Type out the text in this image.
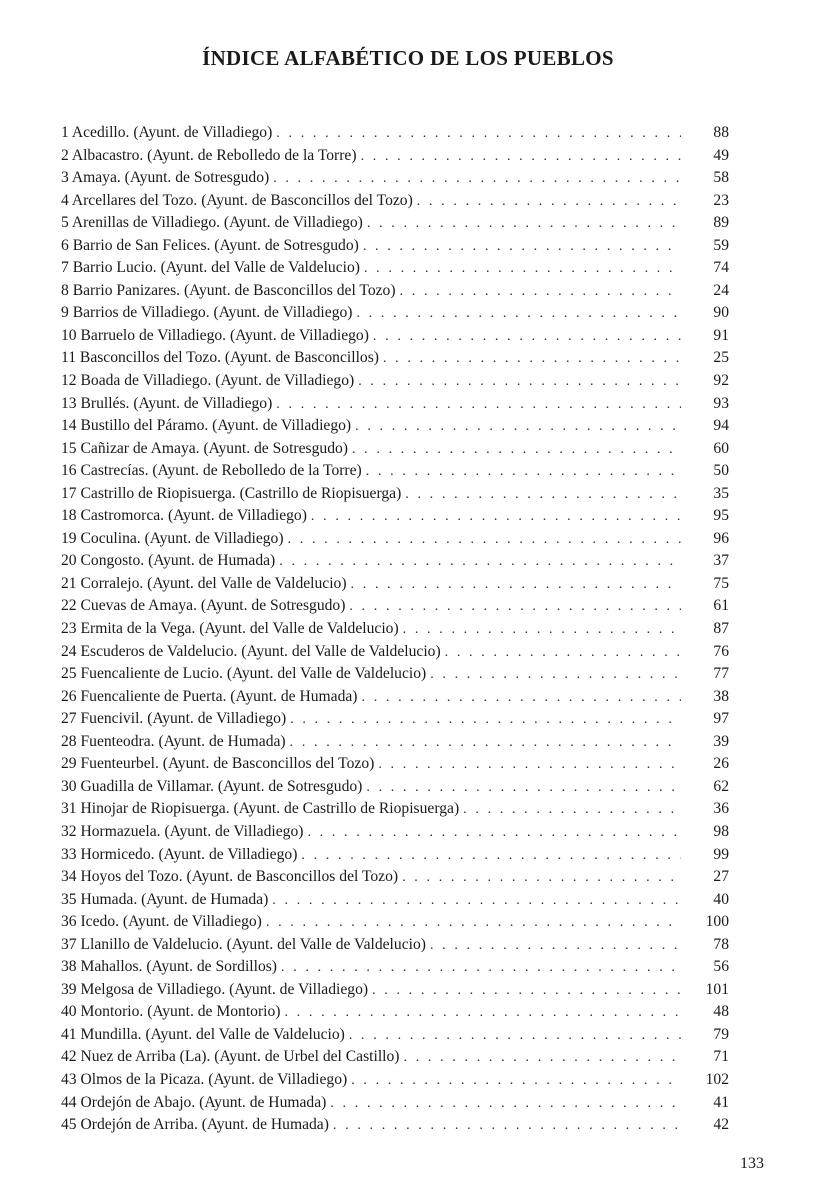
ÍNDICE ALFABÉTICO DE LOS PUEBLOS
1 Acedillo. (Ayunt. de Villadiego) . . .	88
2 Albacastro. (Ayunt. de Rebolledo de la Torre) . . .	49
3 Amaya. (Ayunt. de Sotresgudo) . . .	58
4 Arcellares del Tozo. (Ayunt. de Basconcillos del Tozo) . . .	23
5 Arenillas de Villadiego. (Ayunt. de Villadiego) . . .	89
6 Barrio de San Felices. (Ayunt. de Sotresgudo) . . .	59
7 Barrio Lucio. (Ayunt. del Valle de Valdelucio) . . .	74
8 Barrio Panizares. (Ayunt. de Basconcillos del Tozo) . . .	24
9 Barrios de Villadiego. (Ayunt. de Villadiego) . . .	90
10 Barruelo de Villadiego. (Ayunt. de Villadiego) . . .	91
11 Basconcillos del Tozo. (Ayunt. de Basconcillos) . . .	25
12 Boada de Villadiego. (Ayunt. de Villadiego) . . .	92
13 Brullés. (Ayunt. de Villadiego) . . .	93
14 Bustillo del Páramo. (Ayunt. de Villadiego) . . .	94
15 Cañizar de Amaya. (Ayunt. de Sotresgudo) . . .	60
16 Castrecías. (Ayunt. de Rebolledo de la Torre) . . .	50
17 Castrillo de Riopisuerga. (Castrillo de Riopisuerga) . . .	35
18 Castromorca. (Ayunt. de Villadiego) . . .	95
19 Coculina. (Ayunt. de Villadiego) . . .	96
20 Congosto. (Ayunt. de Humada) . . .	37
21 Corralejo. (Ayunt. del Valle de Valdelucio) . . .	75
22 Cuevas de Amaya. (Ayunt. de Sotresgudo) . . .	61
23 Ermita de la Vega. (Ayunt. del Valle de Valdelucio) . . .	87
24 Escuderos de Valdelucio. (Ayunt. del Valle de Valdelucio) . . .	76
25 Fuencaliente de Lucio. (Ayunt. del Valle de Valdelucio) . . .	77
26 Fuencaliente de Puerta. (Ayunt. de Humada) . . .	38
27 Fuencivil. (Ayunt. de Villadiego) . . .	97
28 Fuenteodra. (Ayunt. de Humada) . . .	39
29 Fuenteurbel. (Ayunt. de Basconcillos del Tozo) . . .	26
30 Guadilla de Villamar. (Ayunt. de Sotresgudo) . . .	62
31 Hinojar de Riopisuerga. (Ayunt. de Castrillo de Riopisuerga) . . .	36
32 Hormazuela. (Ayunt. de Villadiego) . . .	98
33 Hormicedo. (Ayunt. de Villadiego) . . .	99
34 Hoyos del Tozo. (Ayunt. de Basconcillos del Tozo) . . .	27
35 Humada. (Ayunt. de Humada) . . .	40
36 Icedo. (Ayunt. de Villadiego) . . .	100
37 Llanillo de Valdelucio. (Ayunt. del Valle de Valdelucio) . . .	78
38 Mahallos. (Ayunt. de Sordillos) . . .	56
39 Melgosa de Villadiego. (Ayunt. de Villadiego) . . .	101
40 Montorio. (Ayunt. de Montorio) . . .	48
41 Mundilla. (Ayunt. del Valle de Valdelucio) . . .	79
42 Nuez de Arriba (La). (Ayunt. de Urbel del Castillo) . . .	71
43 Olmos de la Picaza. (Ayunt. de Villadiego) . . .	102
44 Ordejón de Abajo. (Ayunt. de Humada) . . .	41
45 Ordejón de Arriba. (Ayunt. de Humada) . . .	42
133
